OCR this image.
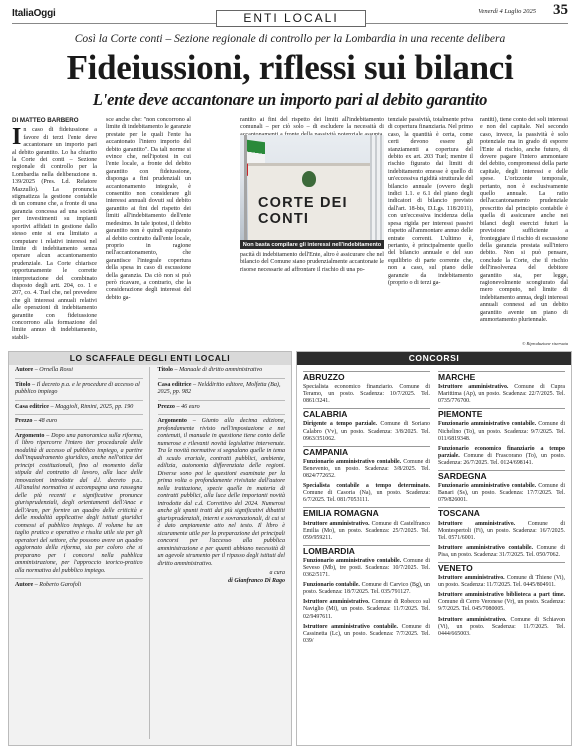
ItaliaOggi	Venerdì 4 Luglio 2025 35
ENTI LOCALI
Così la Corte conti – Sezione regionale di controllo per la Lombardia in una recente delibera
Fideiussioni, riflessi sui bilanci
L'ente deve accantonare un importo pari al debito garantito
DI MATTEO BARBERO

In caso di fideiussione a favore di terzi l'ente deve accantonare un importo pari al debito garantito. Lo ha chiarito la Corte dei conti – Sezione regionale di controllo per la Lombardia nella deliberazione n. 139/2025 (Pres. Ld. Relatore Mazzullo). La pronuncia stigmatizza la gestione contabile di un comune che, a fronte di una garanzia concessa ad una società per investimenti su impianti sportivi affidati in gestione dallo stesso ente si era limitato a computare i relativi interessi nel limite di indebitamento senza operare alcun accantonamento prudenziale. La Corte chiarisce opportunamente le corrette interpretazione del combinato disposto degli artt. 204, co. 1 e 207, co. 4. Tuel che, nel prevedere che gli interessi annuali relativi alle operazioni di indebitamento garantite con fideiussione concorrono alla formazione del limite annuo di indebitamento, stabili-

sce anche che: "non concorrono al limite di indebitamento le garanzie prestate per le quali l'ente ha accantonato l'intero importo del debito garantito". Da tali norme si evince che, nell'ipotesi in cui l'ente locale, a fronte del debito garantito con fideiussione, disponga a fini prudenziali un accantonamento integrale, è consentito non considerare gli interessi annuali dovuti sul debito garantito ai fini del rispetto dei limiti all'indebitamento dell'ente medesimo. In tale ipotesi, il debito garantito non è quindi equiparato al debito contratto dall'ente locale, proprio in ragione nell'accantonamento, che garantisce l'integrale copertura della spesa in caso di escussione della garanzia. Da ciò non si può però ricavare, a contrario, che la considerazione degli interessi del debito ga-

rantito ai fini del rispetto dei limiti all'indebitamento comunali – per ciò solo – di escludere la necessità di

tenziale passività, totalmente priva di copertura finanziaria. Nel primo caso, la quantità è certa, come certi devono essere gli stanziamenti a copertura del debito ex art. 203 Tuel; mentre il rischio figurato dai limiti di indebitamento emesse è quello di un'eccessiva rigidità strutturale del bilancio annuale (ovvero degli indici 1.1. e 6.1 del piano degli indicatori di bilancio previsto dall'art. 18-bis, D.Lgs. 118/2011), con un'eccessiva incidenza della spesa rigida per interessi passivi rispetto all'ammontare annuo delle entrate correnti. L'ultimo è, pertanto, è principalmente quello del bilancio annuale e del suo equilibrio di parte corrente che, non a caso, sul piano delle garanzie da indebitamento (proprio o di terzi ga-

rantiti), tiene conto dei soli interessi e non del capitale. Nel secondo caso, invece, la passività è solo potenziale ma in grado di esporre l'Ente al rischio, anche futuro, di dovere pagare l'intero ammontare del debito, compromessi della parte capitale, degli interessi e delle spese. L'orizzonte temporale, pertanto, non è esclusivamente quello annuale. La ratio dell'accantonamento prudenziale prescritto dal principio contabile è quella di assicurare anche nei bilanci degli esercizi futuri la previsione sufficiente a fronteggiare il rischio di escussione della garanzia prestata sull'intero debito. Non si può pensare, conclude la Corte, che il rischio dell'insolvenza del debitore garantito sia, per legge, ragionevolmente scongiurato dal mero computo, nel limite di indebitamento annua, degli interessi annuali connessi ad un debito garantito avente un piano di ammortamento pluriennale.

© Riproduzione riservata
CORTE DEI CONTI
Non basta compilare gli interessi nell'indebitamento
pacità di indebitamento dell'Ente, altro è assicurare che nel bilancio del Comune siano prudenzialmente accantonate le risorse necessarie ad affrontare il rischio di una po-
LO SCAFFALE DEGLI ENTI LOCALI
Autore – Ornella Rossi
Titolo – Il decreto p.a. e le procedure di accesso al pubblico impiego
Casa editrice – Maggioli, Rimini, 2025, pp. 190
Prezzo – 48 euro
Argomento – Dopo una panoramica sulla riforma, il libro ripercorre l'intero iter procedurale delle modalità di accesso al pubblico impiego, a partire dall'inquadramento giuridico, anche nell'ottica dei principi costituzionali, fino al momento della stipula del contratto di lavoro, alla luce delle innovazioni introdotte dal d.l. decreto p.a.. All'analisi normativa si accompagna una rassegna delle più recenti e significative pronunce giurisprudenziali, degli orientamenti dell'Anac e dell'Aran, per fornire un quadro delle criticità e delle modalità applicative degli istituti giuridici connessi al pubblico impiego. Il volume ha un taglio pratico e operativo e risulta utile sia per gli operatori del settore, che possono avere un quadro aggiornato della riforma, sia per coloro che si preparano per i concorsi nella pubblica amministrazione, per l'approccio teorico-pratico alla normativa del pubblico impiego.
Autore – Roberto Garofoli
Titolo – Manuale di diritto amministrativo
Casa editrice – Nelddiritto editore, Molfetta (Ba), 2025, pp. 982
Prezzo – 46 euro
Argomento – Giunto alla decima edizione, profondamente rivisto nell'impostazione e nei contenuti, il manuale in questione tiene conto delle numerose e rilevanti novità legislative intervenute. Tra le novità normative si segnalano quelle in tema di scudo erariale, contratti pubblici, ambiente, edilizia, autonomia differenziata delle regioni. Diverse sono poi le questioni esaminate per la prima volta o profondamente rivisitate dall'autore nella trattazione, specie quelle in materia di contratti pubblici, alla luce delle importanti novità introdotte dal c.d. Correttivo del 2024. Numerosi anche gli spunti tratti dai più significativi dibattiti giurisprudenziali, interni e sovranazionali, di cui si è dato ampiamente atto nel testo. Il libro è sicuramente utile per la preparazione dei principali concorsi per l'accesso alla pubblica amministrazione e per quanti abbiano necessità di un agevole strumento per il ripasso degli istituti del diritto amministrativo.
a cura
di Gianfranco Di Rago
CONCORSI
ABRUZZO
Specialista economico finanziario. Comune di Teramo, un posto. Scadenza: 10/7/2025. Tel. 0861/3241.
CALABRIA
Dirigente a tempo parziale. Comune di Soriano Calabro (Vv), un posto. Scadenza: 3/8/2025. Tel. 0963/351062.
CAMPANIA
Funzionario amministrativo contabile. Comune di Benevento, un posto. Scadenza: 3/8/2025. Tel. 0824/772652.
Specialista contabile a tempo determinato. Comune di Casoria (Na), un posto. Scadenza: 6/7/2025. Tel. 081/7053111.
EMILIA ROMAGNA
Istruttore amministrativo. Comune di Castelfranco Emilia (Mo), un posto. Scadenza: 25/7/2025. Tel. 059/959211.
LOMBARDIA
Funzionario amministrativo contabile. Comune di Seveso (Mb), tre posti. Scadenza: 10/7/2025. Tel. 0362/5171.
Funzionario contabile. Comune di Carvico (Bg), un posto. Scadenza: 18/7/2025. Tel. 035/791127.
Istruttore amministrativo. Comune di Robecco sul Naviglio (Mi), un posto. Scadenza: 11/7/2025. Tel. 02/9497611.
Istruttore amministrativo contabile. Comune di Cassinetta (Lc), un posto. Scadenza: 7/7/2025. Tel. 039/
MARCHE
Istruttore amministrativo. Comune di Cupra Marittima (Ap), un posto. Scadenza: 22/7/2025. Tel. 0735/776700.
PIEMONTE
Funzionario amministrativo contabile. Comune di Nichelino (To), un posto. Scadenza: 9/7/2025. Tel. 011/6819348.
Funzionario economico finanziario a tempo parziale. Comune di Frascorano (To), un posto. Scadenza: 26/7/2025. Tel. 0124/698141.
SARDEGNA
Funzionario amministrativo contabile. Comune di Banari (Ss), un posto. Scadenza: 17/7/2025. Tel. 079/826001.
TOSCANA
Istruttore amministrativo. Comune di Montespertoli (Fi), un posto. Scadenza: 16/7/2025. Tel. 0571/6001.
Istruttore amministrativo contabile. Comune di Pisa, un posto. Scadenza: 31/7/2025. Tel. 050/7062.
VENETO
Istruttore amministrativo. Comune di Thiene (Vi), un posto. Scadenza: 11/7/2025. Tel. 0445/804911.
Istruttore amministrativo biblioteca a part time. Comune di Cerro Veronese (Vr), un posto. Scadenza: 9/7/2025. Tel. 045/7080005.
Istruttore amministrativo. Comune di Schiavon (Vi), un posto. Scadenza: 11/7/2025. Tel. 0444/665003.
